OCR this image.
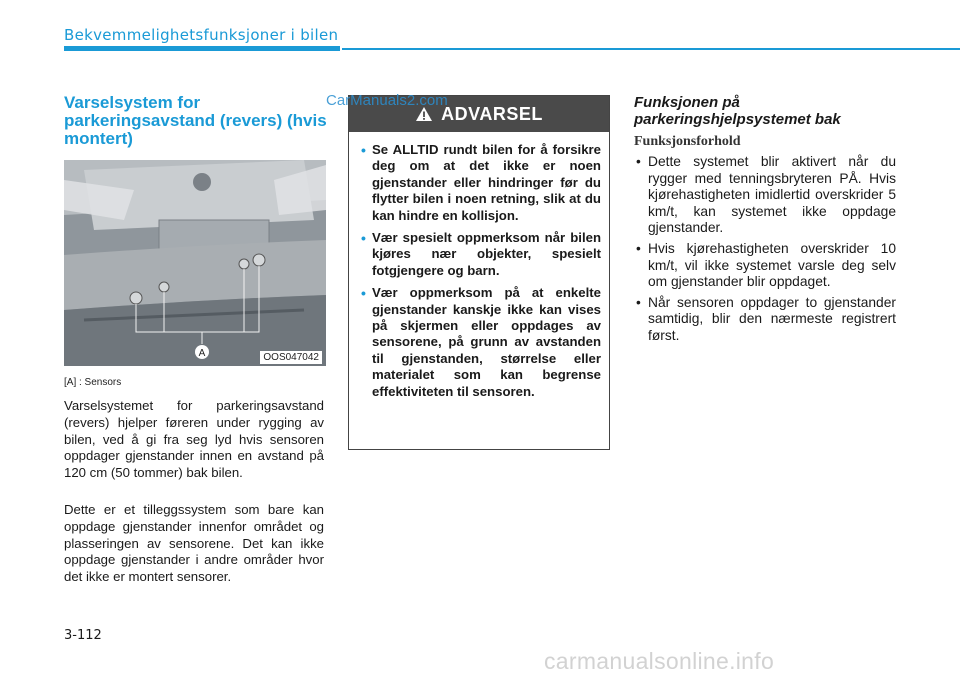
Bekvemmelighetsfunksjoner i bilen
Varselsystem for parkeringsavstand (revers) (hvis montert)
A	OOS047042
[A] : Sensors

Varselsystemet for parkeringsavstand (revers) hjelper føreren under rygging av bilen, ved å gi fra seg lyd hvis sensoren oppdager gjenstander innen en avstand på 120 cm (50 tommer) bak bilen.

Dette er et tilleggssystem som bare kan oppdage gjenstander innenfor området og plasseringen av sensorene. Det kan ikke oppdage gjenstander i andre områder hvor det ikke er montert sensorer.

ADVARSEL
• Se ALLTID rundt bilen for å forsikre deg om at det ikke er noen gjenstander eller hindringer før du flytter bilen i noen retning, slik at du kan hindre en kollisjon.
• Vær spesielt oppmerksom når bilen kjøres nær objekter, spesielt fotgjengere og barn.
• Vær oppmerksom på at enkelte gjenstander kanskje ikke kan vises på skjermen eller oppdages av sensorene, på grunn av avstanden til gjenstanden, størrelse eller materialet som kan begrense effektiviteten til sensoren.
Funksjonen på parkeringshjelpsystemet bak
Funksjonsforhold
• Dette systemet blir aktivert når du rygger med tenningsbryteren PÅ. Hvis kjørehastigheten imidlertid overskrider 5 km/t, kan systemet ikke oppdage gjenstander.
• Hvis kjørehastigheten overskrider 10 km/t, vil ikke systemet varsle deg selv om gjenstander blir oppdaget.
• Når sensoren oppdager to gjenstander samtidig, blir den nærmeste registrert først.
3-112
CarManuals2.com
carmanualsonline.info
